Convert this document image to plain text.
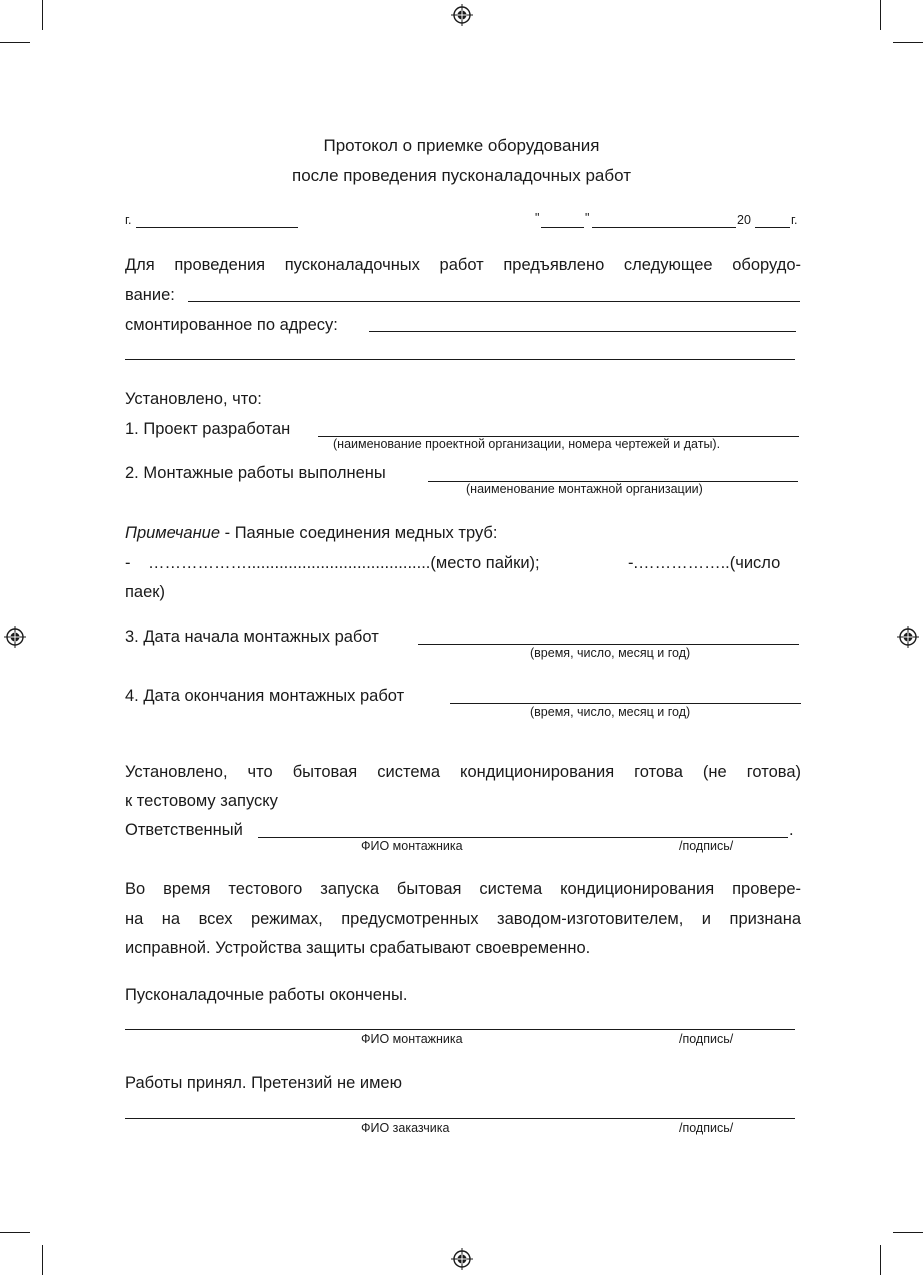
Протокол о приемке оборудования
после проведения пусконаладочных работ
г.	"	"	20	г.
Для проведения пусконаладочных работ предъявлено следующее оборудо-
вание:
смонтированное по адресу:
Установлено, что:
1. Проект разработан
(наименование проектной организации, номера чертежей и даты).
2. Монтажные работы выполнены
(наименование монтажной организации)
Примечание - Паяные соединения медных труб:
- ………………........................................(место пайки);	-.……………..(число
паек)
3. Дата начала монтажных работ
(время, число, месяц и год)
4. Дата окончания монтажных работ
(время, число, месяц и год)
Установлено, что бытовая система кондиционирования готова (не готова)
к тестовому запуску
Ответственный	.
ФИО монтажника	/подпись/
Во время тестового запуска бытовая система кондиционирования провере-
на на всех режимах, предусмотренных заводом-изготовителем, и признана
исправной. Устройства защиты срабатывают своевременно.
Пусконаладочные работы окончены.
ФИО монтажника	/подпись/
Работы принял. Претензий не имею
ФИО заказчика	/подпись/
